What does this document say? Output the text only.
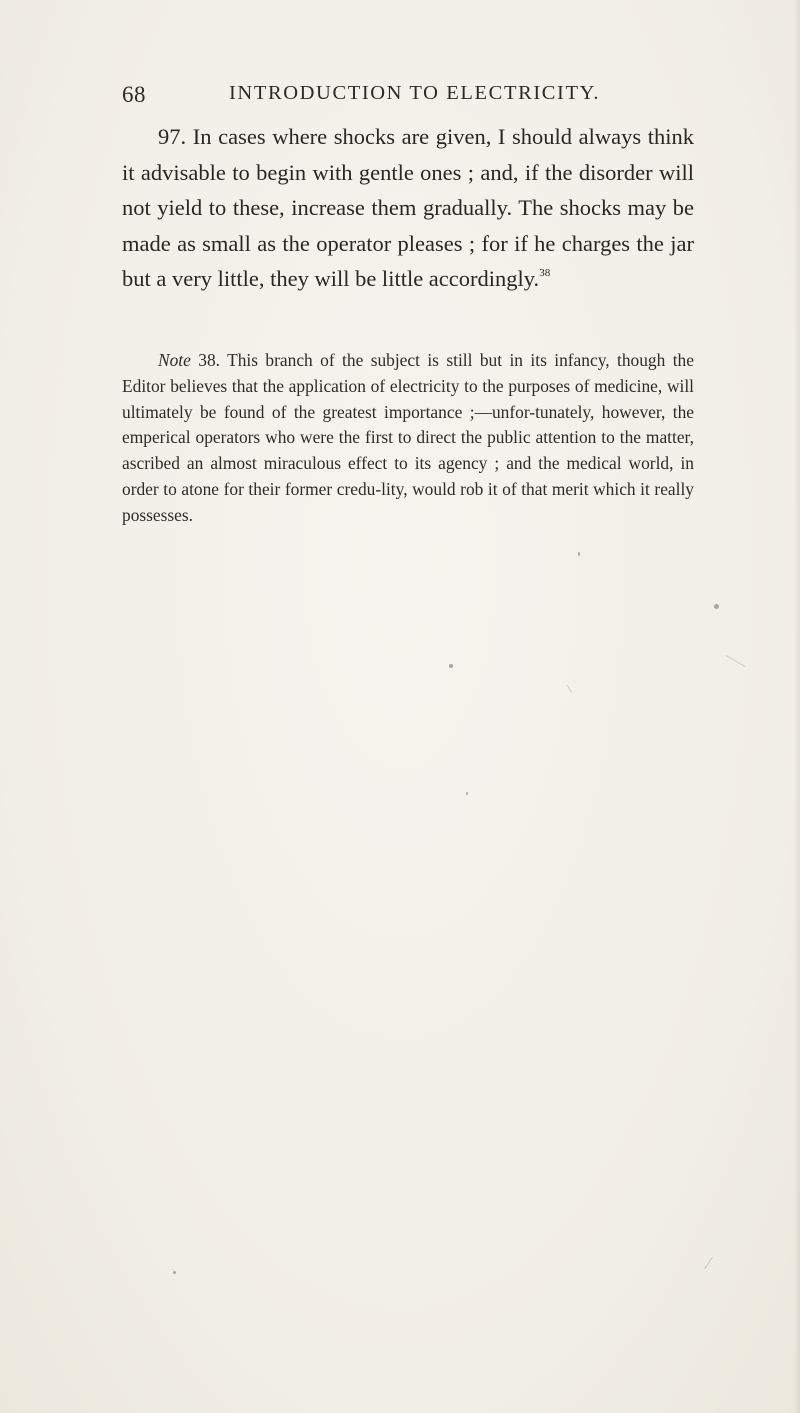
68	INTRODUCTION TO ELECTRICITY.

97. In cases where shocks are given, I should always think it advisable to begin with gentle ones ; and, if the disorder will not yield to these, increase them gradually. The shocks may be made as small as the operator pleases ; for if he charges the jar but a very little, they will be little accordingly.$^{38}$

Note 38. This branch of the subject is still but in its infancy, though the Editor believes that the application of electricity to the purposes of medicine, will ultimately be found of the greatest importance ;—unfor-tunately, however, the emperical operators who were the first to direct the public attention to the matter, ascribed an almost miraculous effect to its agency ; and the medical world, in order to atone for their former credu-lity, would rob it of that merit which it really possesses.
